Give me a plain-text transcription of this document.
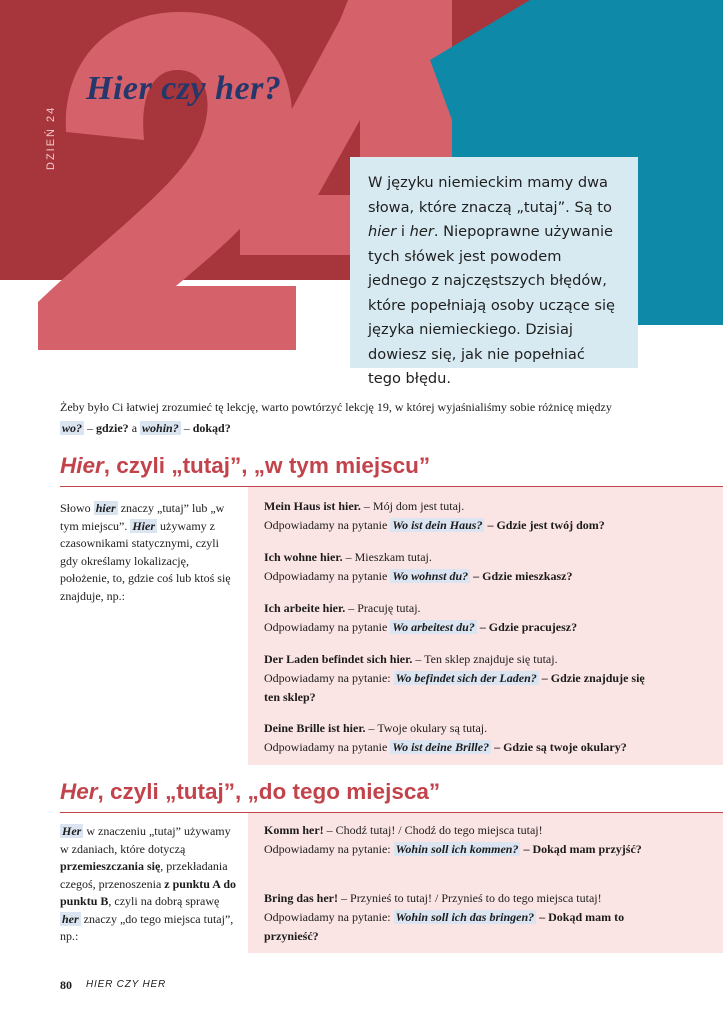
DZIEŃ 24
Hier czy her?

W języku niemieckim mamy dwa słowa, które znaczą „tutaj”. Są to hier i her. Niepoprawne używanie tych słówek jest powodem jednego z najczęstszych błędów, które popełniają osoby uczące się języka niemieckiego. Dzisiaj dowiesz się, jak nie popełniać tego błędu.

Żeby było Ci łatwiej zrozumieć tę lekcję, warto powtórzyć lekcję 19, w której wyjaśnialiśmy sobie różnicę między wo? – gdzie? a wohin? – dokąd?

Hier, czyli „tutaj”, „w tym miejscu”

Słowo hier znaczy „tutaj” lub „w tym miejscu”. Hier używamy z czasownikami statycznymi, czyli gdy określamy lokalizację, położenie, to, gdzie coś lub ktoś się znajduje, np.:

Mein Haus ist hier. – Mój dom jest tutaj.
Odpowiadamy na pytanie Wo ist dein Haus? – Gdzie jest twój dom?

Ich wohne hier. – Mieszkam tutaj.
Odpowiadamy na pytanie Wo wohnst du? – Gdzie mieszkasz?

Ich arbeite hier. – Pracuję tutaj.
Odpowiadamy na pytanie Wo arbeitest du? – Gdzie pracujesz?

Der Laden befindet sich hier. – Ten sklep znajduje się tutaj.
Odpowiadamy na pytanie: Wo befindet sich der Laden? – Gdzie znajduje się ten sklep?

Deine Brille ist hier. – Twoje okulary są tutaj.
Odpowiadamy na pytanie Wo ist deine Brille? – Gdzie są twoje okulary?

Her, czyli „tutaj”, „do tego miejsca”

Her w znaczeniu „tutaj” używamy w zdaniach, które dotyczą przemieszczania się, przekładania czegoś, przenoszenia z punktu A do punktu B, czyli na dobrą sprawę her znaczy „do tego miejsca tutaj”, np.:

Komm her! – Chodź tutaj! / Chodź do tego miejsca tutaj!
Odpowiadamy na pytanie: Wohin soll ich kommen? – Dokąd mam przyjść?

Bring das her! – Przynieś to tutaj! / Przynieś to do tego miejsca tutaj!
Odpowiadamy na pytanie: Wohin soll ich das bringen? – Dokąd mam to przynieść?

80 HIER CZY HER
